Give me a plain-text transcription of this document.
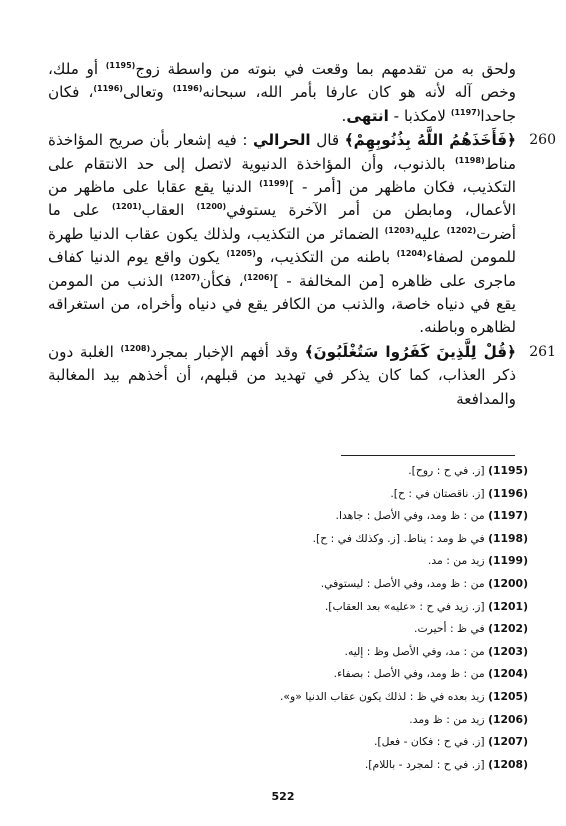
ولحق به من تقدمهم بما وقعت في بنوته من واسطة زوج$^{(1195)}$ أو ملك، وخص آله لأنه هو كان عارفا بأمر الله، سبحانه$^{(1196)}$ وتعالى$^{(1196)}$، فكان جاحدا$^{(1197)}$ لامكذبا - انتهى.

260
﴿فَأَخَذَهُمُ اللَّهُ بِذُنُوبِهِمْ﴾ قال الحرالي : فيه إشعار بأن صريح المؤاخذة مناط$^{(1198)}$ بالذنوب، وأن المؤاخذة الدنيوية لاتصل إلى حد الانتقام على التكذيب، فكان ماظهر من [أمر - ]$^{(1199)}$ الدنيا يقع عقابا على ماظهر من الأعمال، ومابطن من أمر الآخرة يستوفي$^{(1200)}$ العقاب$^{(1201)}$ على ما أضرت$^{(1202)}$ عليه$^{(1203)}$ الضمائر من التكذيب، ولذلك يكون عقاب الدنيا طهرة للمومن لصفاء$^{(1204)}$ باطنه من التكذيب، و$^{(1205)}$ يكون واقع يوم الدنيا كفاف ماجرى على ظاهره [من المخالفة - ]$^{(1206)}$، فكأن$^{(1207)}$ الذنب من المومن يقع في دنياه خاصة، والذنب من الكافر يقع في دنياه وأخراه، من استغراقه لظاهره وباطنه.

261
﴿قُلْ لِلَّذِينَ كَفَرُوا سَتُغْلَبُونَ﴾ وقد أفهم الإخبار بمجرد$^{(1208)}$ الغلبة دون ذكر العذاب، كما كان يذكر في تهديد من قبلهم، أن أخذهم بيد المغالبة والمدافعة

(1195) [ز. في ح : روح].
(1196) [ز. ناقصتان في : ح].
(1197) من : ظ ومد، وفي الأصل : جاهدا.
(1198) في ظ ومد : يناط. [ز. وكذلك في : ح].
(1199) زيد من : مد.
(1200) من : ظ ومد، وفي الأصل : ليستوفي.
(1201) [ز. زيد في ح : «عليه» بعد العقاب].
(1202) في ظ : أحيرت.
(1203) من : مد، وفي الأصل وظ : إليه.
(1204) من : ظ ومد، وفي الأصل : بصفاء.
(1205) زيد بعده في ظ : لذلك يكون عقاب الدنيا «و».
(1206) زيد من : ظ ومد.
(1207) [ز. في ح : فكان - فعل].
(1208) [ز. في ح : لمجرد - باللام].
522
